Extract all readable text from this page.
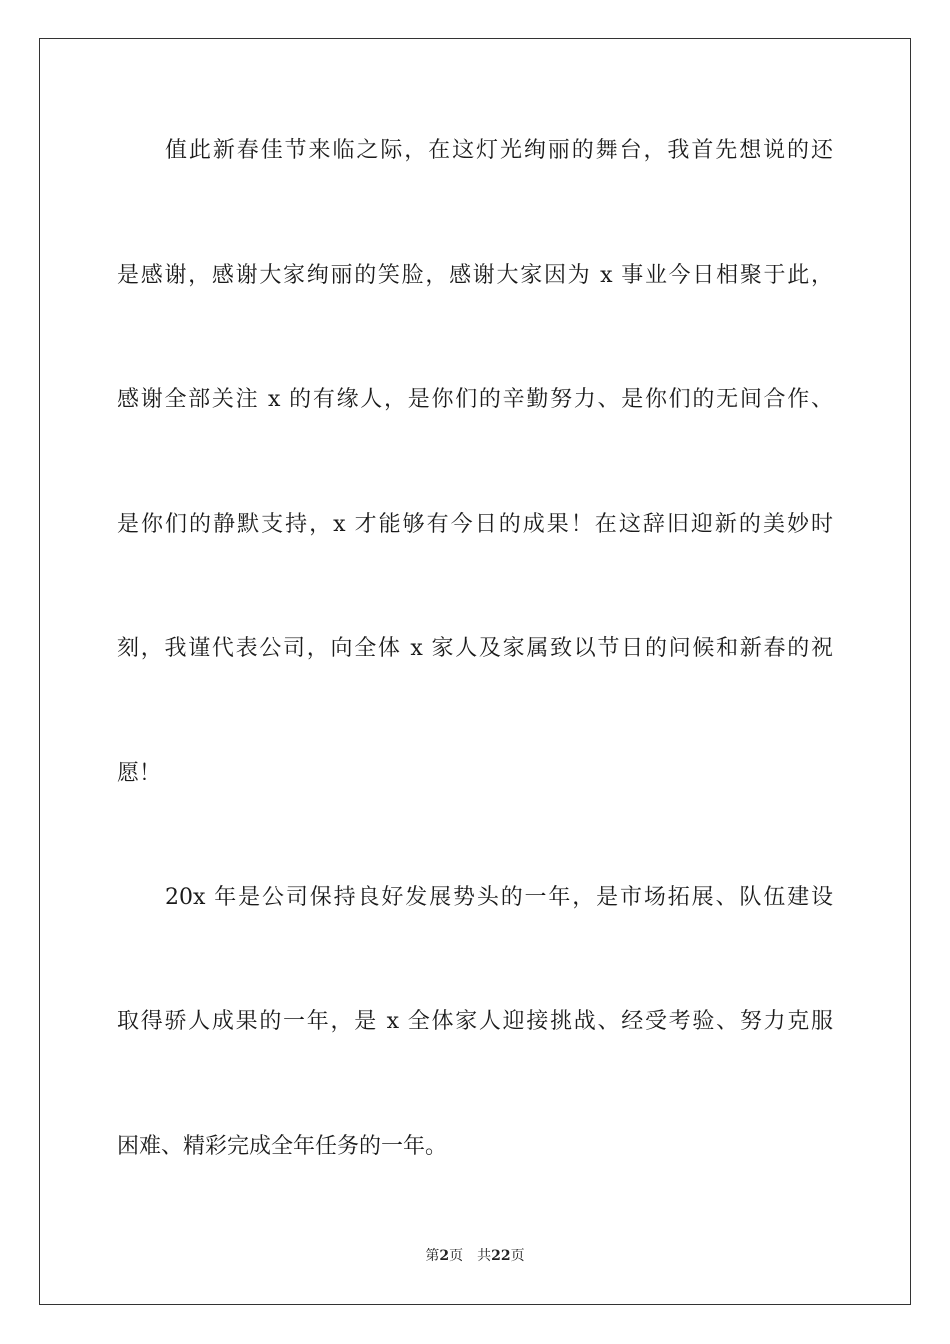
值此新春佳节来临之际，在这灯光绚丽的舞台，我首先想说的还
是感谢，感谢大家绚丽的笑脸，感谢大家因为 x 事业今日相聚于此，
感谢全部关注 x 的有缘人，是你们的辛勤努力、是你们的无间合作、
是你们的静默支持，x 才能够有今日的成果！在这辞旧迎新的美妙时
刻，我谨代表公司，向全体 x 家人及家属致以节日的问候和新春的祝
愿！
20x 年是公司保持良好发展势头的一年，是市场拓展、队伍建设
取得骄人成果的一年，是 x 全体家人迎接挑战、经受考验、努力克服
困难、精彩完成全年任务的一年。
第2页 共22页
